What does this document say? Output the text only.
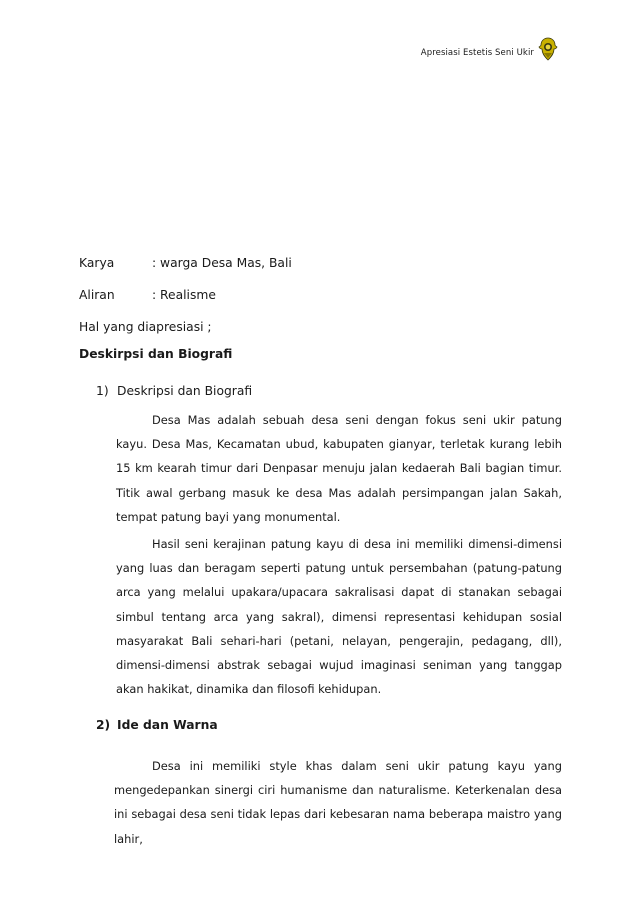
Apresiasi Estetis Seni Ukir
Karya	: warga Desa Mas, Bali
Aliran	: Realisme
Hal yang diapresiasi ;
Deskirpsi dan Biografi
1) Deskripsi dan Biografi

Desa Mas adalah sebuah desa seni dengan fokus seni ukir patung kayu. Desa Mas, Kecamatan ubud, kabupaten gianyar, terletak kurang lebih 15 km kearah timur dari Denpasar menuju jalan kedaerah Bali bagian timur. Titik awal gerbang masuk ke desa Mas adalah persimpangan jalan Sakah, tempat patung bayi yang monumental.

Hasil seni kerajinan patung kayu di desa ini memiliki dimensi-dimensi yang luas dan beragam seperti patung untuk persembahan (patung-patung arca yang melalui upakara/upacara sakralisasi dapat di stanakan sebagai simbul tentang arca yang sakral), dimensi representasi kehidupan sosial masyarakat Bali sehari-hari (petani, nelayan, pengerajin, pedagang, dll), dimensi-dimensi abstrak sebagai wujud imaginasi seniman yang tanggap akan hakikat, dinamika dan filosofi kehidupan.

2) Ide dan Warna

Desa ini memiliki style khas dalam seni ukir patung kayu yang mengedepankan sinergi ciri humanisme dan naturalisme. Keterkenalan desa ini sebagai desa seni tidak lepas dari kebesaran nama beberapa maistro yang lahir,
